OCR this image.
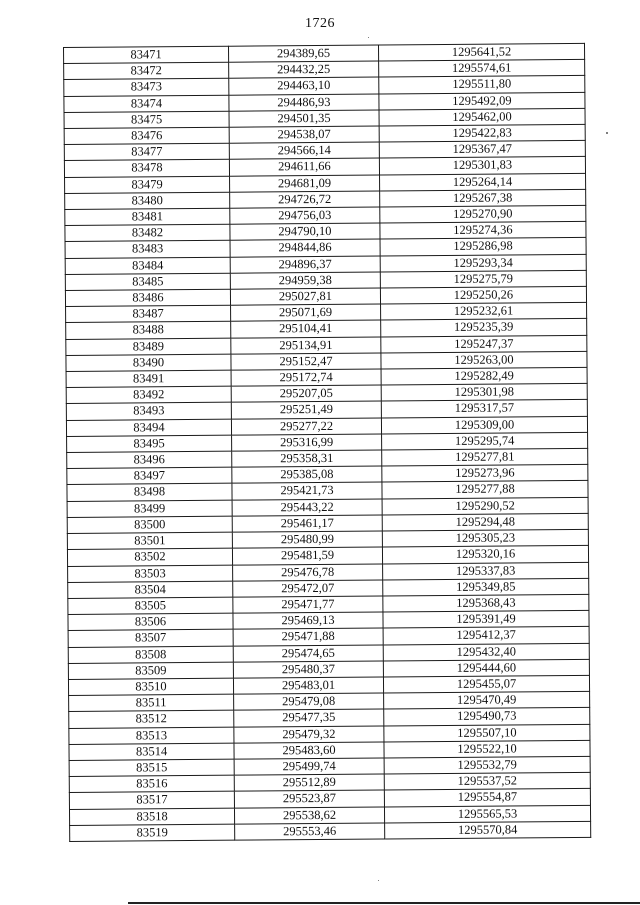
1726
83471	294389,65	1295641,52
83472	294432,25	1295574,61
83473	294463,10	1295511,80
83474	294486,93	1295492,09
83475	294501,35	1295462,00
83476	294538,07	1295422,83
83477	294566,14	1295367,47
83478	294611,66	1295301,83
83479	294681,09	1295264,14
83480	294726,72	1295267,38
83481	294756,03	1295270,90
83482	294790,10	1295274,36
83483	294844,86	1295286,98
83484	294896,37	1295293,34
83485	294959,38	1295275,79
83486	295027,81	1295250,26
83487	295071,69	1295232,61
83488	295104,41	1295235,39
83489	295134,91	1295247,37
83490	295152,47	1295263,00
83491	295172,74	1295282,49
83492	295207,05	1295301,98
83493	295251,49	1295317,57
83494	295277,22	1295309,00
83495	295316,99	1295295,74
83496	295358,31	1295277,81
83497	295385,08	1295273,96
83498	295421,73	1295277,88
83499	295443,22	1295290,52
83500	295461,17	1295294,48
83501	295480,99	1295305,23
83502	295481,59	1295320,16
83503	295476,78	1295337,83
83504	295472,07	1295349,85
83505	295471,77	1295368,43
83506	295469,13	1295391,49
83507	295471,88	1295412,37
83508	295474,65	1295432,40
83509	295480,37	1295444,60
83510	295483,01	1295455,07
83511	295479,08	1295470,49
83512	295477,35	1295490,73
83513	295479,32	1295507,10
83514	295483,60	1295522,10
83515	295499,74	1295532,79
83516	295512,89	1295537,52
83517	295523,87	1295554,87
83518	295538,62	1295565,53
83519	295553,46	1295570,84
